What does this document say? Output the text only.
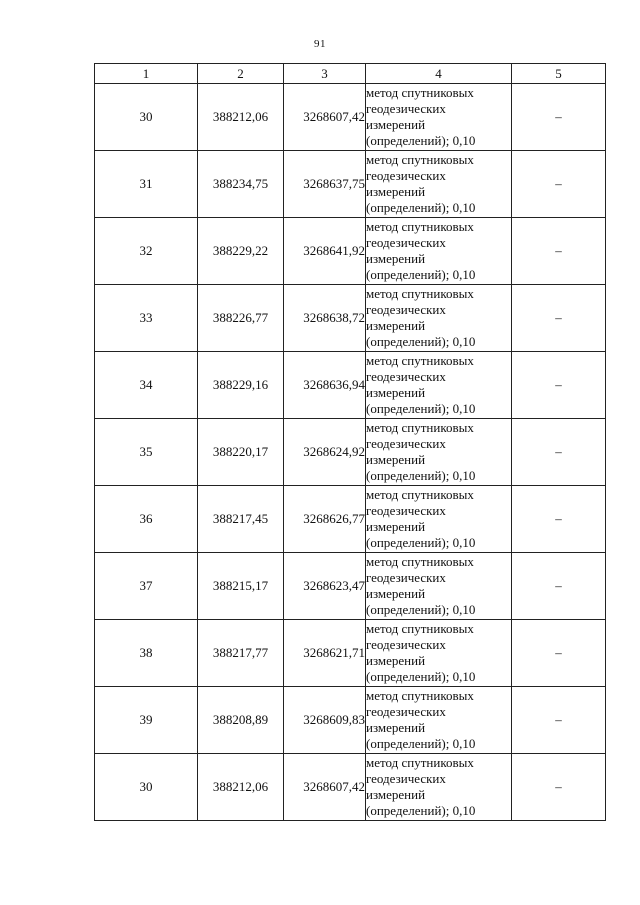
91
1	2	3	4	5
30	388212,06	3268607,42	метод спутниковых
геодезических
измерений
(определений); 0,10	–
31	388234,75	3268637,75	метод спутниковых
геодезических
измерений
(определений); 0,10	–
32	388229,22	3268641,92	метод спутниковых
геодезических
измерений
(определений); 0,10	–
33	388226,77	3268638,72	метод спутниковых
геодезических
измерений
(определений); 0,10	–
34	388229,16	3268636,94	метод спутниковых
геодезических
измерений
(определений); 0,10	–
35	388220,17	3268624,92	метод спутниковых
геодезических
измерений
(определений); 0,10	–
36	388217,45	3268626,77	метод спутниковых
геодезических
измерений
(определений); 0,10	–
37	388215,17	3268623,47	метод спутниковых
геодезических
измерений
(определений); 0,10	–
38	388217,77	3268621,71	метод спутниковых
геодезических
измерений
(определений); 0,10	–
39	388208,89	3268609,83	метод спутниковых
геодезических
измерений
(определений); 0,10	–
30	388212,06	3268607,42	метод спутниковых
геодезических
измерений
(определений); 0,10	–
